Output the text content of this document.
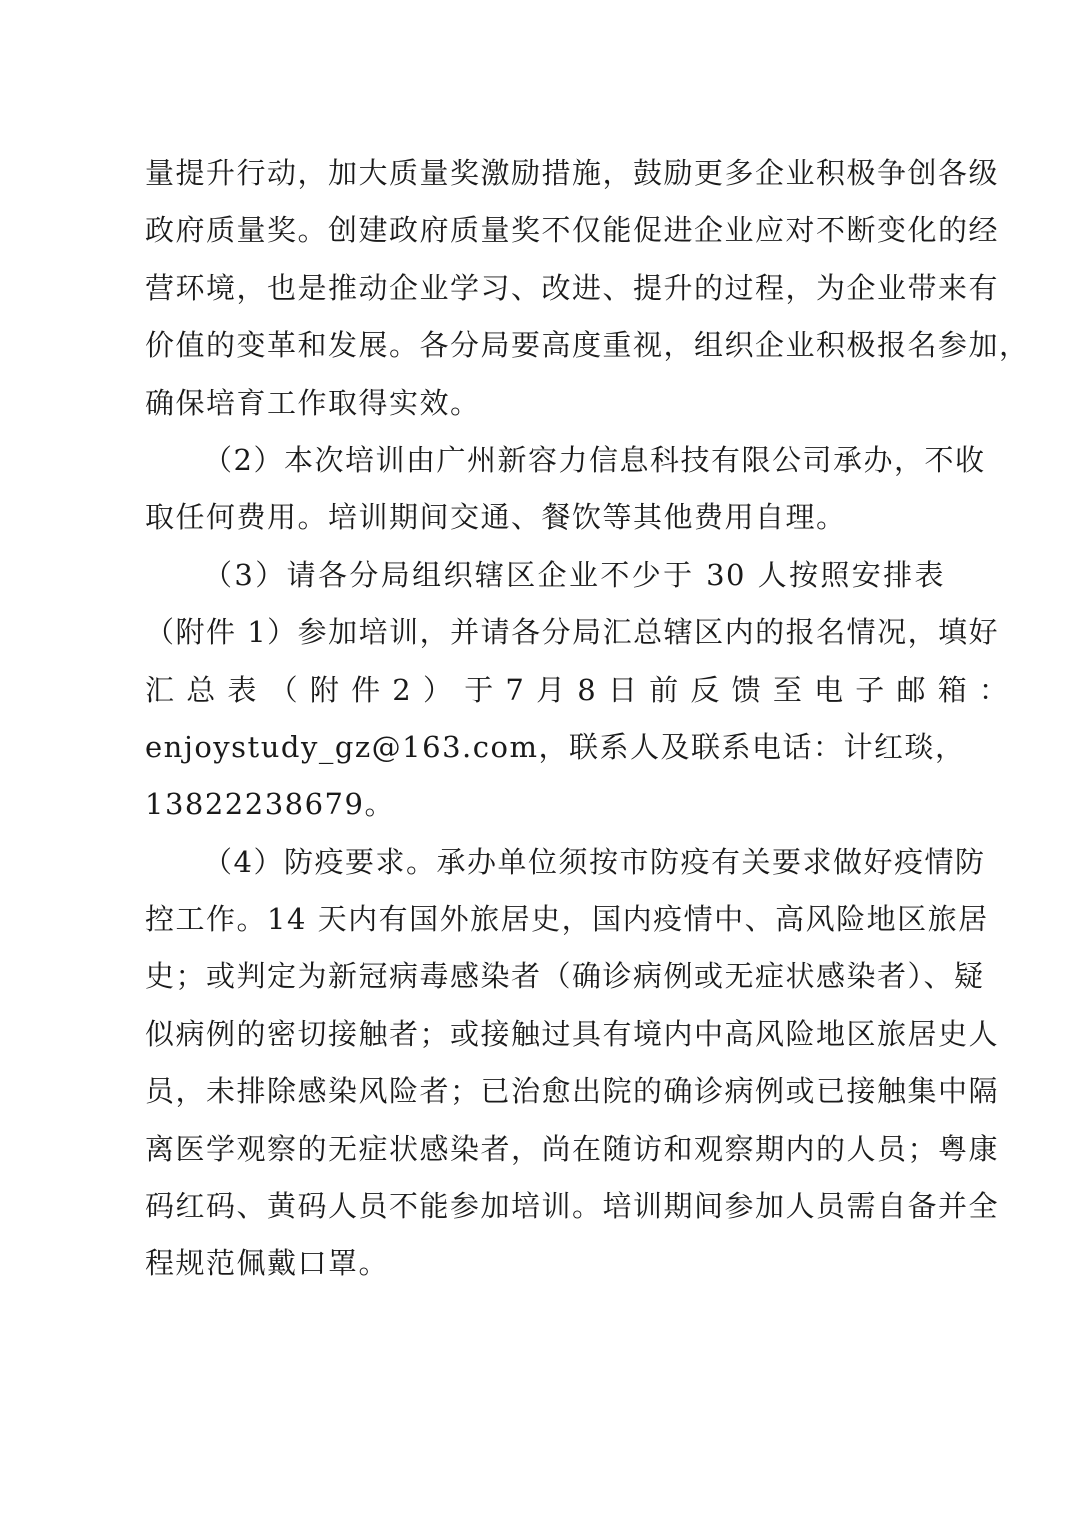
量提升行动，加大质量奖激励措施，鼓励更多企业积极争创各级
政府质量奖。创建政府质量奖不仅能促进企业应对不断变化的经
营环境，也是推动企业学习、改进、提升的过程，为企业带来有
价值的变革和发展。各分局要高度重视，组织企业积极报名参加，
确保培育工作取得实效。
（2）本次培训由广州新容力信息科技有限公司承办，不收
取任何费用。培训期间交通、餐饮等其他费用自理。
（3）请各分局组织辖区企业不少于 30 人按照安排表
（附件 1）参加培训，并请各分局汇总辖区内的报名情况，填好
汇 总 表 （ 附 件 2 ） 于 7 月 8 日 前 反 馈 至 电 子 邮 箱 ：
enjoystudy_gz@163.com，联系人及联系电话：计红琰，
13822238679。
（4）防疫要求。承办单位须按市防疫有关要求做好疫情防
控工作。14 天内有国外旅居史，国内疫情中、高风险地区旅居
史；或判定为新冠病毒感染者（确诊病例或无症状感染者）、疑
似病例的密切接触者；或接触过具有境内中高风险地区旅居史人
员，未排除感染风险者；已治愈出院的确诊病例或已接触集中隔
离医学观察的无症状感染者，尚在随访和观察期内的人员；粤康
码红码、黄码人员不能参加培训。培训期间参加人员需自备并全
程规范佩戴口罩。
